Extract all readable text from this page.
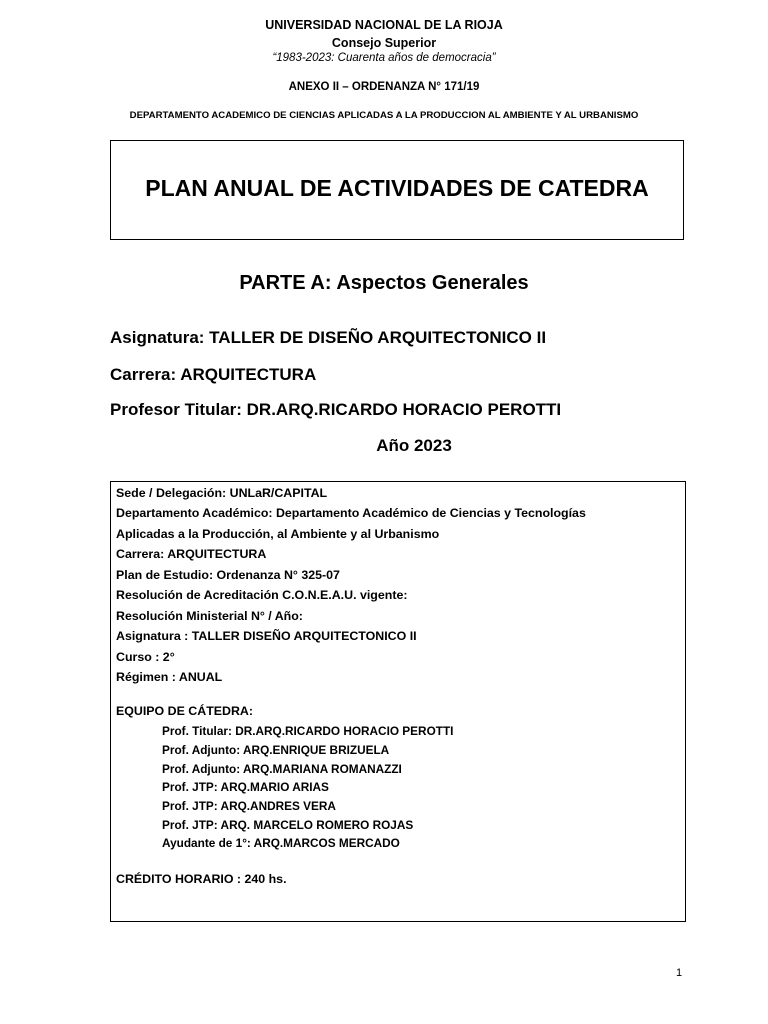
UNIVERSIDAD NACIONAL DE LA RIOJA
Consejo Superior
“1983-2023: Cuarenta años de democracia”
ANEXO II – ORDENANZA N° 171/19
DEPARTAMENTO ACADEMICO DE CIENCIAS APLICADAS A LA PRODUCCION AL AMBIENTE Y AL URBANISMO
PLAN ANUAL DE ACTIVIDADES DE CATEDRA
PARTE A: Aspectos Generales
Asignatura: TALLER DE DISEÑO ARQUITECTONICO II
Carrera: ARQUITECTURA
Profesor Titular: DR.ARQ.RICARDO HORACIO PEROTTI
Año 2023
Sede / Delegación: UNLaR/CAPITAL
Departamento Académico: Departamento Académico de Ciencias y Tecnologías
Aplicadas a la Producción, al Ambiente y al Urbanismo
Carrera: ARQUITECTURA
Plan de Estudio: Ordenanza N° 325-07
Resolución de Acreditación C.O.N.E.A.U. vigente:
Resolución Ministerial N° / Año:
Asignatura : TALLER DISEÑO ARQUITECTONICO II
Curso : 2°
Régimen : ANUAL
EQUIPO DE CÁTEDRA:
Prof. Titular: DR.ARQ.RICARDO HORACIO PEROTTI
Prof. Adjunto: ARQ.ENRIQUE BRIZUELA
Prof. Adjunto: ARQ.MARIANA ROMANAZZI
Prof. JTP: ARQ.MARIO ARIAS
Prof. JTP: ARQ.ANDRES VERA
Prof. JTP: ARQ. MARCELO ROMERO ROJAS
Ayudante de 1°: ARQ.MARCOS MERCADO
CRÉDITO HORARIO : 240 hs.
1
